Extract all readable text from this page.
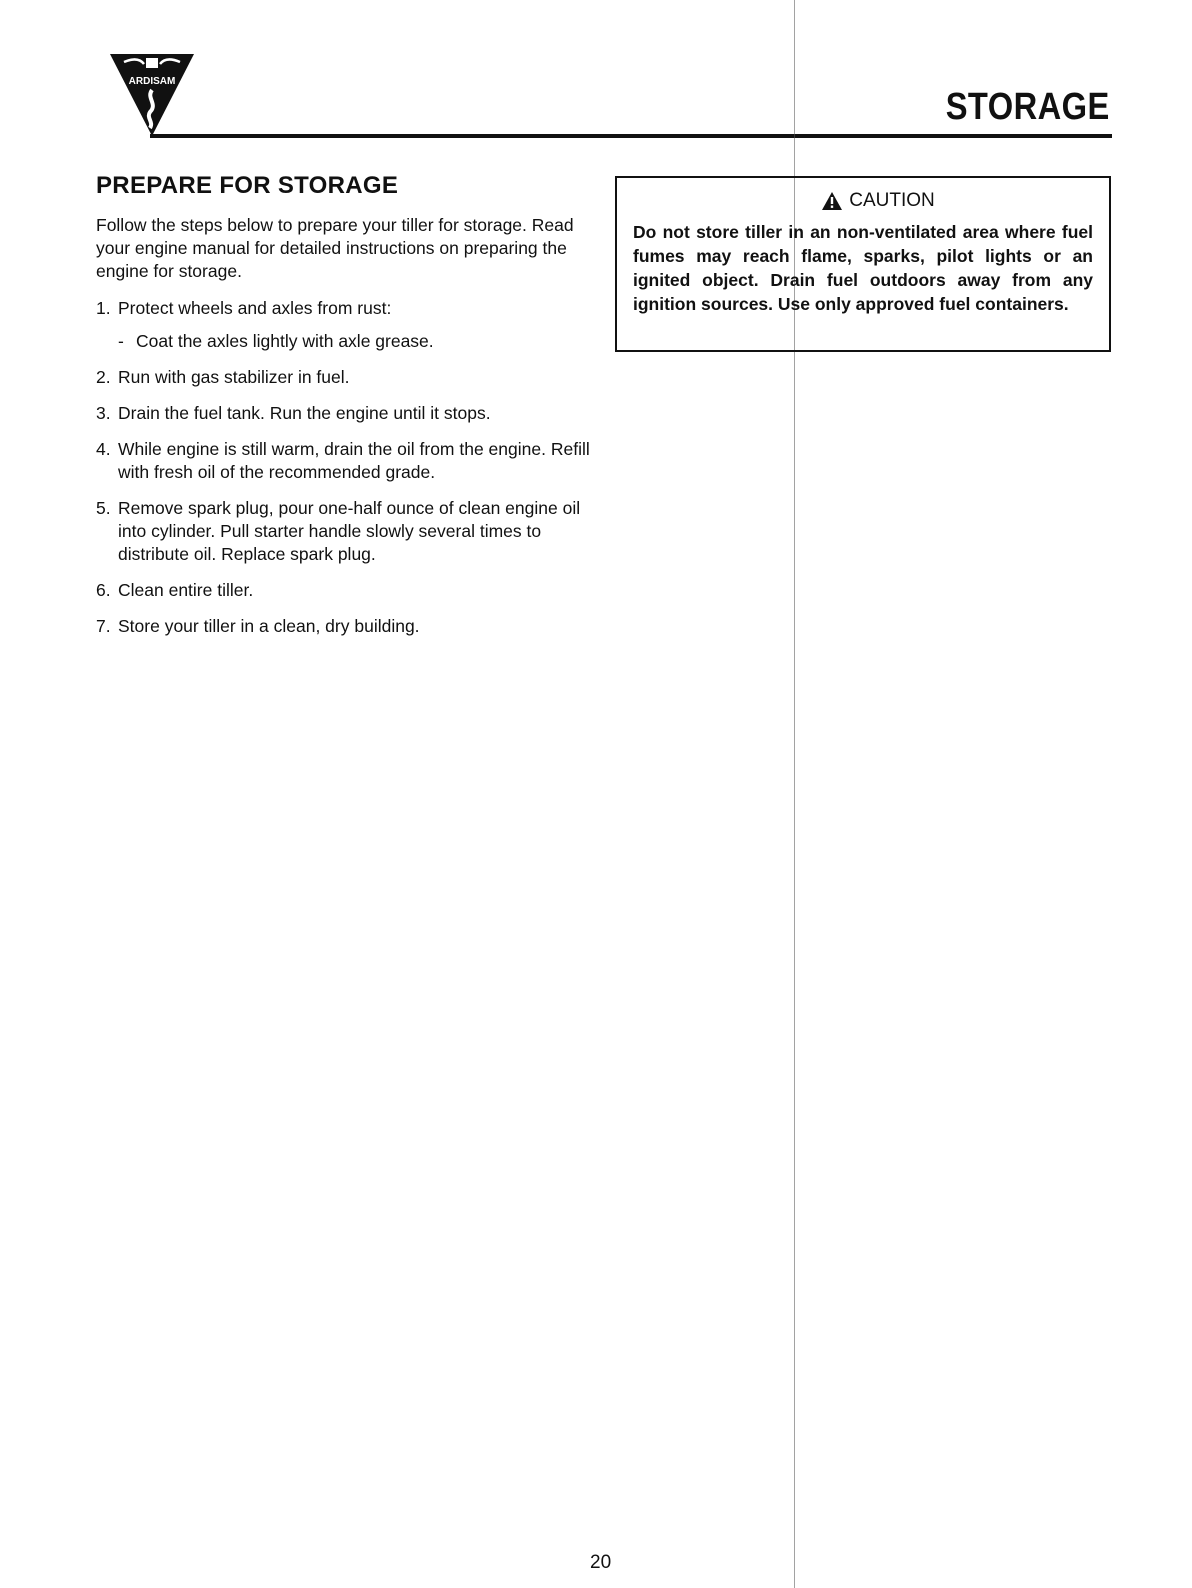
ARDISAM
STORAGE
PREPARE FOR STORAGE

Follow the steps below to prepare your tiller for storage. Read your engine manual for detailed instructions on preparing the engine for storage.

1. Protect wheels and axles from rust:
- Coat the axles lightly with axle grease.
2. Run with gas stabilizer in fuel.
3. Drain the fuel tank. Run the engine until it stops.
4. While engine is still warm, drain the oil from the engine. Refill with fresh oil of the recommended grade.
5. Remove spark plug, pour one-half ounce of clean engine oil into cylinder. Pull starter handle slowly several times to distribute oil. Replace spark plug.
6. Clean entire tiller.
7. Store your tiller in a clean, dry building.
CAUTION

Do not store tiller in an non-ventilated area where fuel fumes may reach flame, sparks, pilot lights or an ignited object. Drain fuel outdoors away from any ignition sources. Use only approved fuel containers.

20
